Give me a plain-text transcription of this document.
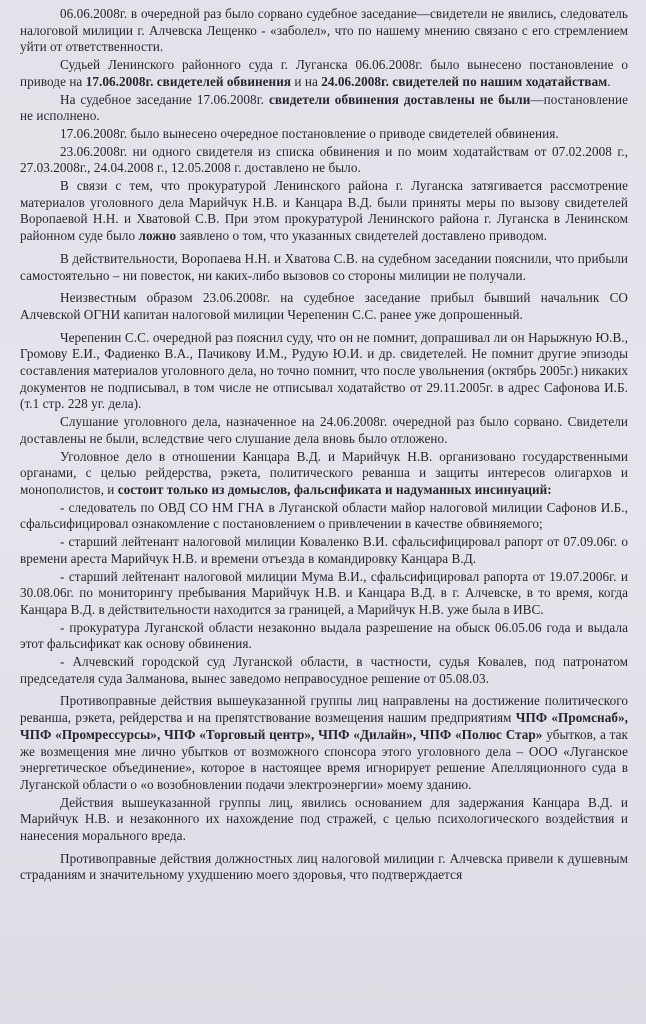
06.06.2008г. в очередной раз было сорвано судебное заседание—свидетели не явились, следователь налоговой милиции г. Алчевска Лещенко - «заболел», что по нашему мнению связано с его стремлением уйти от ответственности.

Судьей Ленинского районного суда г. Луганска 06.06.2008г. было вынесено постановление о приводе на 17.06.2008г. свидетелей обвинения и на 24.06.2008г. свидетелей по нашим ходатайствам.

На судебное заседание 17.06.2008г. свидетели обвинения доставлены не были—постановление не исполнено.

17.06.2008г. было вынесено очередное постановление о приводе свидетелей обвинения.

23.06.2008г. ни одного свидетеля из списка обвинения и по моим ходатайствам от 07.02.2008 г., 27.03.2008г., 24.04.2008 г., 12.05.2008 г. доставлено не было.

В связи с тем, что прокуратурой Ленинского района г. Луганска затягивается рассмотрение материалов уголовного дела Марийчук Н.В. и Канцара В.Д. были приняты меры по вызову свидетелей Воропаевой Н.Н. и Хватовой С.В. При этом прокуратурой Ленинского района г. Луганска в Ленинском районном суде было ложно заявлено о том, что указанных свидетелей доставлено приводом.

В действительности, Воропаева Н.Н. и Хватова С.В. на судебном заседании пояснили, что прибыли самостоятельно – ни повесток, ни каких-либо вызовов со стороны милиции не получали.

Неизвестным образом 23.06.2008г. на судебное заседание прибыл бывший начальник СО Алчевской ОГНИ капитан налоговой милиции Черепенин С.С. ранее уже допрошенный.

Черепенин С.С. очередной раз пояснил суду, что он не помнит, допрашивал ли он Нарыжную Ю.В., Громову Е.И., Фадиенко В.А., Пачикову И.М., Рудую Ю.И. и др. свидетелей. Не помнит другие эпизоды составления материалов уголовного дела, но точно помнит, что после увольнения (октябрь 2005г.) никаких документов не подписывал, в том числе не отписывал ходатайство от 29.11.2005г. в адрес Сафонова И.Б. (т.1 стр. 228 уг. дела).

Слушание уголовного дела, назначенное на 24.06.2008г. очередной раз было сорвано. Свидетели доставлены не были, вследствие чего слушание дела вновь было отложено.

Уголовное дело в отношении Канцара В.Д. и Марийчук Н.В. организовано государственными органами, с целью рейдерства, рэкета, политического реванша и защиты интересов олигархов и монополистов, и состоит только из домыслов, фальсификата и надуманных инсинуаций:

- следователь по ОВД СО НМ ГНА в Луганской области майор налоговой милиции Сафонов И.Б., сфальсифицировал ознакомление с постановлением о привлечении в качестве обвиняемого;

- старший лейтенант налоговой милиции Коваленко В.И. сфальсифицировал рапорт от 07.09.06г. о времени ареста Марийчук Н.В. и времени отъезда в командировку Канцара В.Д.

- старший лейтенант налоговой милиции Мума В.И., сфальсифицировал рапорта от 19.07.2006г. и 30.08.06г. по мониторингу пребывания Марийчук Н.В. и Канцара В.Д. в г. Алчевске, в то время, когда Канцара В.Д. в действительности находится за границей, а Марийчук Н.В. уже была в ИВС.

- прокуратура Луганской области незаконно выдала разрешение на обыск 06.05.06 года и выдала этот фальсификат как основу обвинения.

- Алчевский городской суд Луганской области, в частности, судья Ковалев, под патронатом председателя суда Залманова, вынес заведомо неправосудное решение от 05.08.03.

Противоправные действия вышеуказанной группы лиц направлены на достижение политического реванша, рэкета, рейдерства и на препятствование возмещения нашим предприятиям ЧПФ «Промснаб», ЧПФ «Промрессурсы», ЧПФ «Торговый центр», ЧПФ «Дилайн», ЧПФ «Полюс Стар» убытков, а так же возмещения мне лично убытков от возможного спонсора этого уголовного дела – ООО «Луганское энергетическое объединение», которое в настоящее время игнорирует решение Апелляционного суда в Луганской области о «о возобновлении подачи электроэнергии» моему зданию.

Действия вышеуказанной группы лиц, явились основанием для задержания Канцара В.Д. и Марийчук Н.В. и незаконного их нахождение под стражей, с целью психологического воздействия и нанесения морального вреда.

Противоправные действия должностных лиц налоговой милиции г. Алчевска привели к душевным страданиям и значительному ухудшению моего здоровья, что подтверждается
